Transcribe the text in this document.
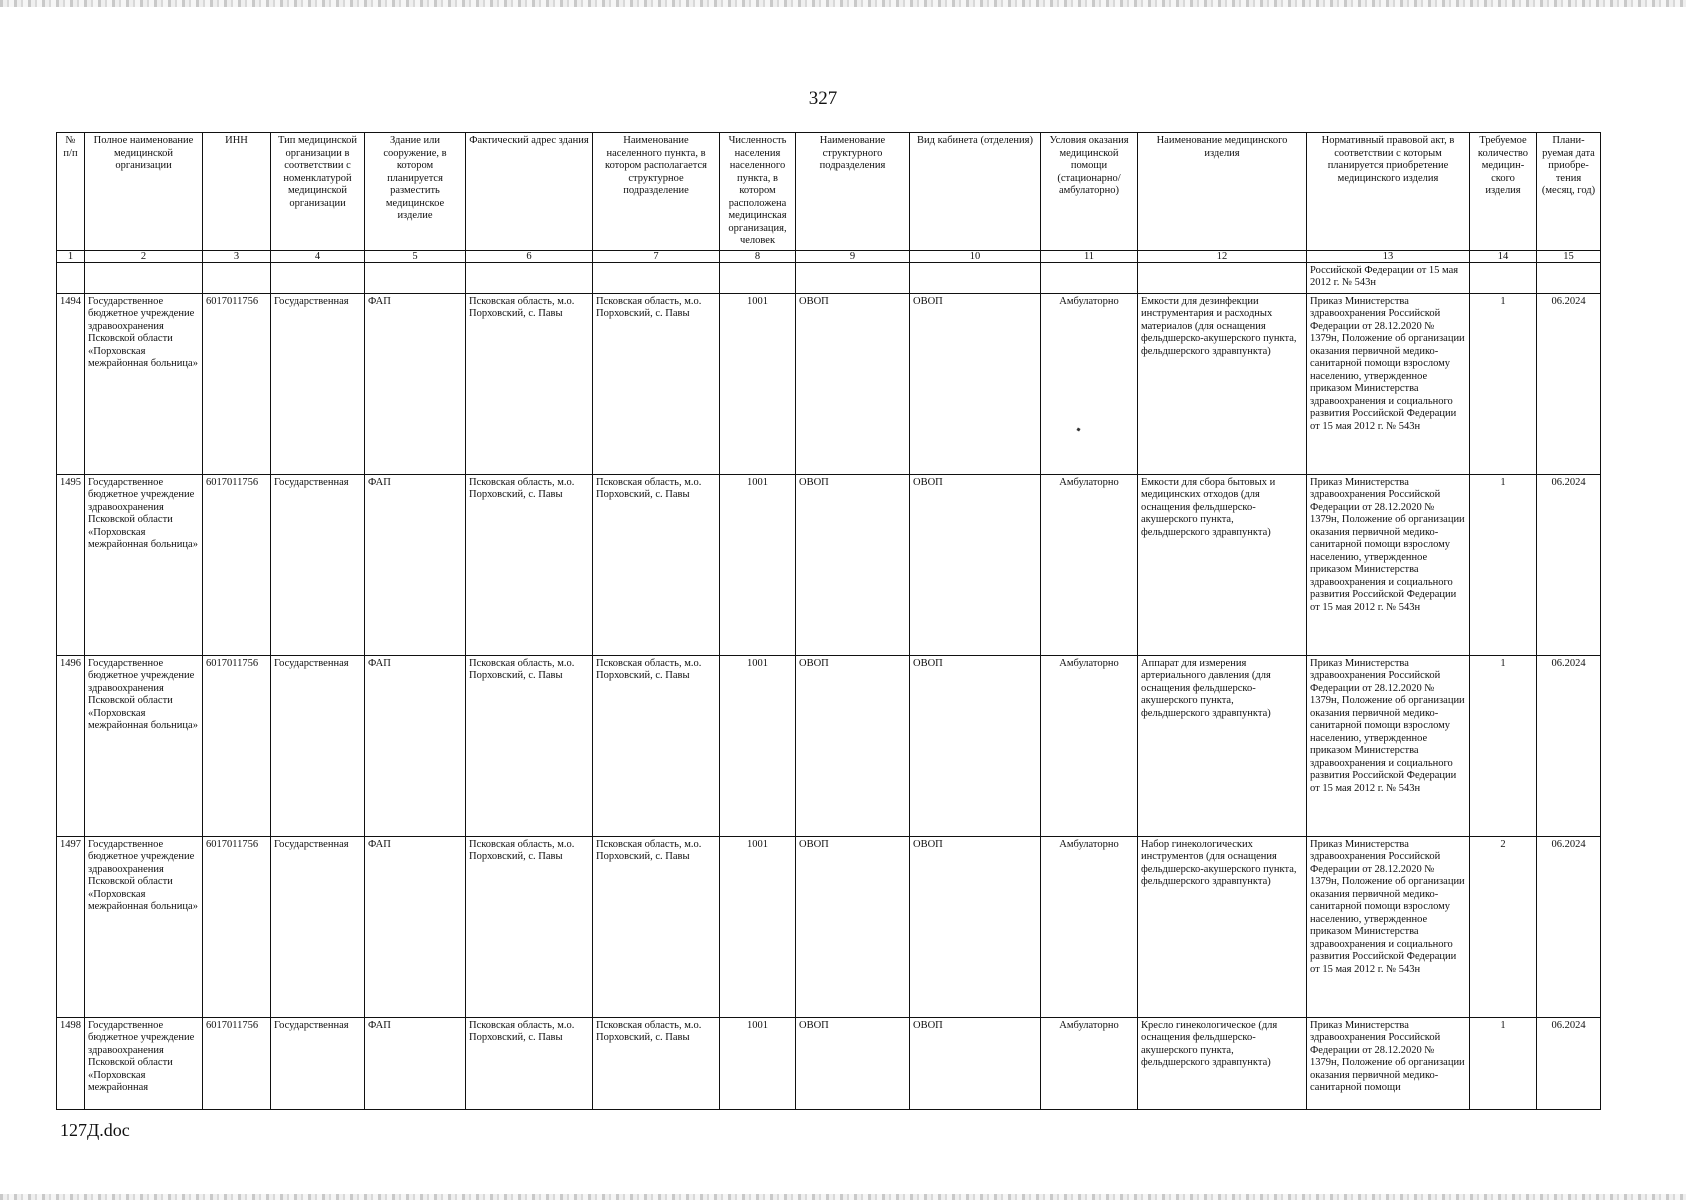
327
№ п/п	Полное наименование медицинской организации	ИНН	Тип медицинской организации в соответствии с номенклатурой медицинской организации	Здание или сооружение, в котором планируется разместить медицинское изделие	Фактический адрес здания	Наименование населенного пункта, в котором располагается структурное подразделение	Численность населения населенного пункта, в котором расположена медицинская организация, человек	Наименование структурного подразделения	Вид кабинета (отделения)	Условия оказания медицинской помощи (стационарно/ амбулаторно)	Наименование медицинского изделия	Нормативный правовой акт, в соответствии с которым планируется приобретение медицинского изделия	Требуемое количество медицин-ского изделия	Плани-руемая дата приобре-тения (месяц, год)
1	2	3	4	5	6	7	8	9	10	11	12	13	14	15
												Российской Федерации от 15 мая 2012 г. № 543н		
1494	Государственное бюджетное учреждение здравоохранения Псковской области «Порховская межрайонная больница»	6017011756	Государственная	ФАП	Псковская область, м.о. Порховский, с. Павы	Псковская область, м.о. Порховский, с. Павы	1001	ОВОП	ОВОП	Амбулаторно	Емкости для дезинфекции инструментария и расходных материалов (для оснащения фельдшерско-акушерского пункта, фельдшерского здравпункта)	Приказ Министерства здравоохранения Российской Федерации от 28.12.2020 № 1379н, Положение об организации оказания первичной медико-санитарной помощи взрослому населению, утвержденное приказом Министерства здравоохранения и социального развития Российской Федерации от 15 мая 2012 г. № 543н	1	06.2024
1495	Государственное бюджетное учреждение здравоохранения Псковской области «Порховская межрайонная больница»	6017011756	Государственная	ФАП	Псковская область, м.о. Порховский, с. Павы	Псковская область, м.о. Порховский, с. Павы	1001	ОВОП	ОВОП	Амбулаторно	Емкости для сбора бытовых и медицинских отходов (для оснащения фельдшерско-акушерского пункта, фельдшерского здравпункта)	Приказ Министерства здравоохранения Российской Федерации от 28.12.2020 № 1379н, Положение об организации оказания первичной медико-санитарной помощи взрослому населению, утвержденное приказом Министерства здравоохранения и социального развития Российской Федерации от 15 мая 2012 г. № 543н	1	06.2024
1496	Государственное бюджетное учреждение здравоохранения Псковской области «Порховская межрайонная больница»	6017011756	Государственная	ФАП	Псковская область, м.о. Порховский, с. Павы	Псковская область, м.о. Порховский, с. Павы	1001	ОВОП	ОВОП	Амбулаторно	Аппарат для измерения артериального давления (для оснащения фельдшерско-акушерского пункта, фельдшерского здравпункта)	Приказ Министерства здравоохранения Российской Федерации от 28.12.2020 № 1379н, Положение об организации оказания первичной медико-санитарной помощи взрослому населению, утвержденное приказом Министерства здравоохранения и социального развития Российской Федерации от 15 мая 2012 г. № 543н	1	06.2024
1497	Государственное бюджетное учреждение здравоохранения Псковской области «Порховская межрайонная больница»	6017011756	Государственная	ФАП	Псковская область, м.о. Порховский, с. Павы	Псковская область, м.о. Порховский, с. Павы	1001	ОВОП	ОВОП	Амбулаторно	Набор гинекологических инструментов (для оснащения фельдшерско-акушерского пункта, фельдшерского здравпункта)	Приказ Министерства здравоохранения Российской Федерации от 28.12.2020 № 1379н, Положение об организации оказания первичной медико-санитарной помощи взрослому населению, утвержденное приказом Министерства здравоохранения и социального развития Российской Федерации от 15 мая 2012 г. № 543н	2	06.2024
1498	Государственное бюджетное учреждение здравоохранения Псковской области «Порховская межрайонная	6017011756	Государственная	ФАП	Псковская область, м.о. Порховский, с. Павы	Псковская область, м.о. Порховский, с. Павы	1001	ОВОП	ОВОП	Амбулаторно	Кресло гинекологическое (для оснащения фельдшерско-акушерского пункта, фельдшерского здравпункта)	Приказ Министерства здравоохранения Российской Федерации от 28.12.2020 № 1379н, Положение об организации оказания первичной медико-санитарной помощи	1	06.2024
127Д.doc
